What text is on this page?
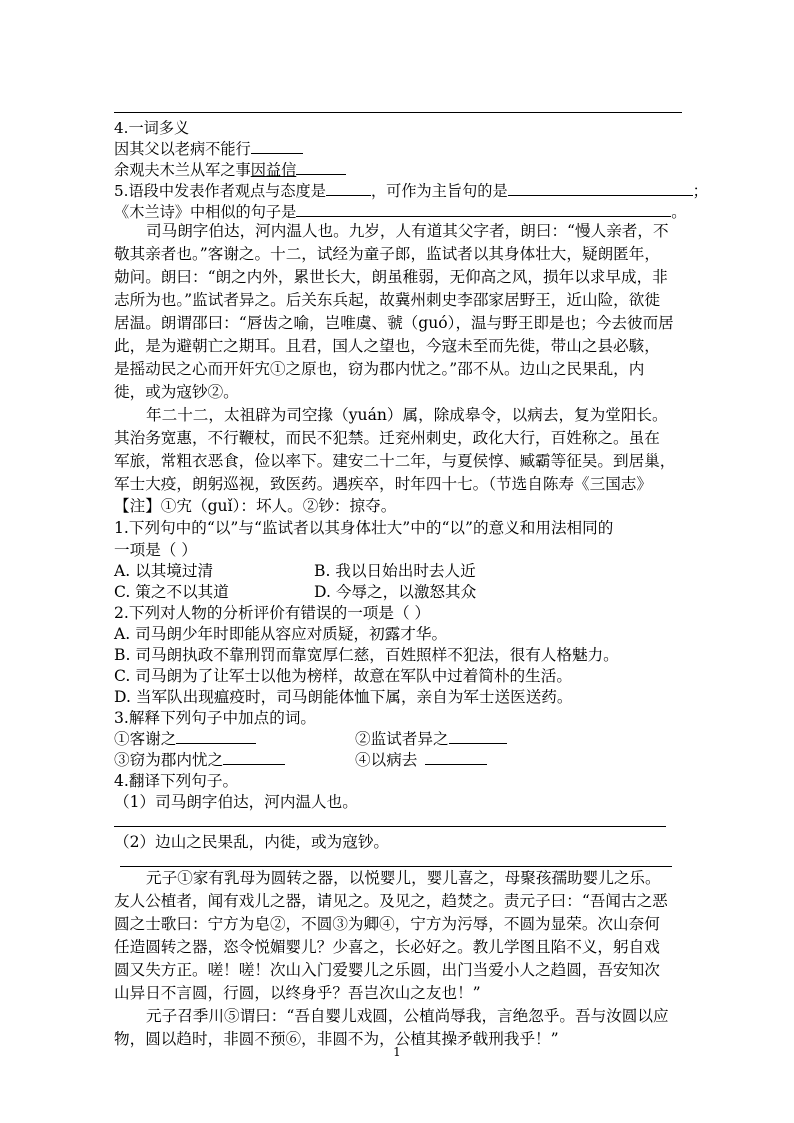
4.一词多义
因其父以老病不能行
余观夫木兰从军之事因益信
5.语段中发表作者观点与态度是	，可作为主旨句的是	；
《木兰诗》中相似的句子是	。
司马朗字伯达，河内温人也。九岁，人有道其父字者，朗曰：“慢人亲者，不
敬其亲者也。”客谢之。十二，试经为童子郎，监试者以其身体壮大，疑朗匿年，
勀问。朗曰：“朗之内外，累世长大，朗虽稚弱，无仰高之风，损年以求早成，非
志所为也。”监试者异之。后关东兵起，故冀州刺史李邵家居野王，近山险，欲徙
居温。朗谓邵曰：“唇齿之喻，岂唯虞、虢（guó），温与野王即是也；今去彼而居
此，是为避朝亡之期耳。且君，国人之望也，今寇未至而先徙，带山之县必駭，
是摇动民之心而开奸宄①之原也，窃为郡内忧之。”邵不从。边山之民果乱，内
徙，或为寇钞②。
年二十二，太祖辟为司空掾（yuán）属，除成皋令，以病去，复为堂阳长。
其治务宽惠，不行鞭杖，而民不犯禁。迁兖州刺史，政化大行，百姓称之。虽在
军旅，常粗衣恶食，俭以率下。建安二十二年，与夏侯惇、臧霸等征吴。到居巢，
军士大疫，朗躬巡视，致医药。遇疾卒，时年四十七。（节选自陈寿《三国志》
【注】①宄（guǐ）：坏人。②钞：掠夺。
1.下列句中的“以”与“监试者以其身体壮大”中的“以”的意义和用法相同的
一项是（ ）
A. 以其境过清	B. 我以日始出时去人近
C. 策之不以其道	D. 今辱之，以激怒其众
2.下列对人物的分析评价有错误的一项是（ ）
A. 司马朗少年时即能从容应对质疑，初露才华。
B. 司马朗执政不靠刑罚而靠宽厚仁慈，百姓照样不犯法，很有人格魅力。
C. 司马朗为了让军士以他为榜样，故意在军队中过着简朴的生活。
D. 当军队出现瘟疫时，司马朗能体恤下属，亲自为军士送医送药。
3.解释下列句子中加点的词。
①客谢之	②监试者异之
③窃为郡内忧之	④以病去
4.翻译下列句子。
（1）司马朗字伯达，河内温人也。
（2）边山之民果乱，内徙，或为寇钞。
元子①家有乳母为圆转之器，以悦婴儿，婴儿喜之，母聚孩孺助婴儿之乐。
友人公植者，闻有戏儿之器，请见之。及见之，趋焚之。责元子曰：“吾闻古之恶
圆之士歌曰：宁方为皂②，不圆③为卿④，宁方为污辱，不圆为显荣。次山奈何
任造圆转之器，恣令悦媚婴儿？少喜之，长必好之。教儿学图且陷不义，躬自戏
圆又失方正。嗟！嗟！次山入门爱婴儿之乐圆，出门当爱小人之趋圆，吾安知次
山异日不言圆，行圆，以终身乎？吾岂次山之友也！”
元子召季川⑤谓曰：“吾自婴儿戏圆，公植尚辱我，言绝忽乎。吾与汝圆以应
物，圆以趋时，非圆不预⑥，非圆不为，公植其操矛戟刑我乎！”
1
